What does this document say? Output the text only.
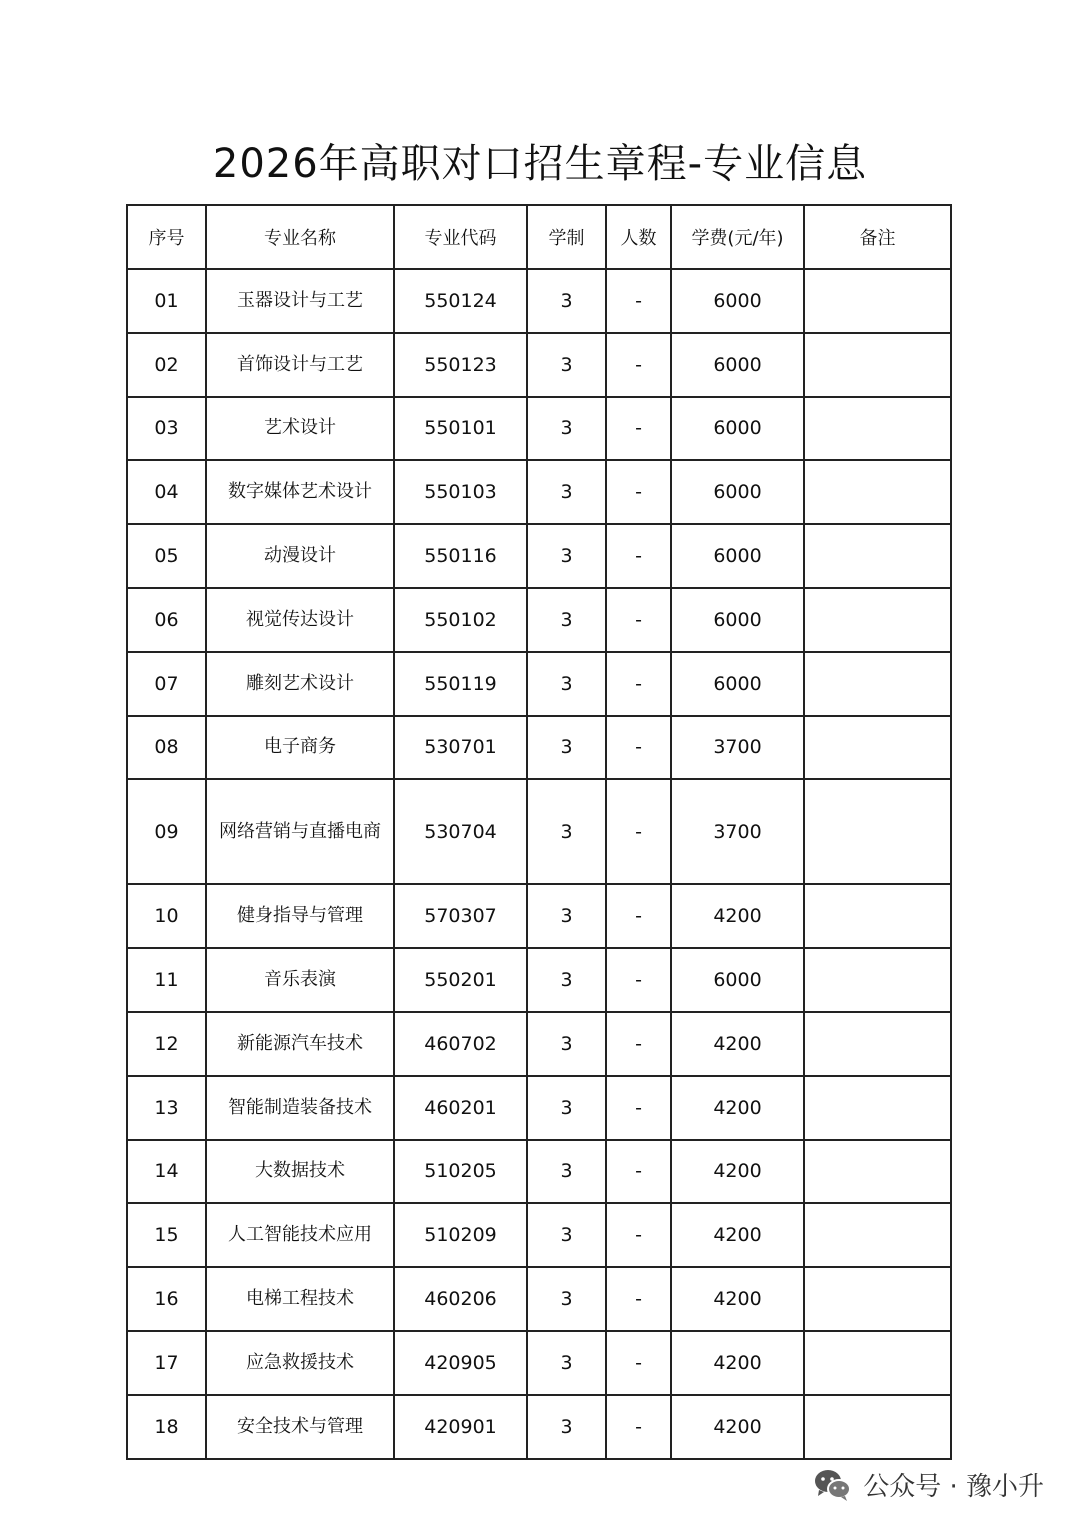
2026年高职对口招生章程-专业信息
序号	专业名称	专业代码	学制	人数	学费(元/年)	备注
01	玉器设计与工艺	550124	3	-	6000	
02	首饰设计与工艺	550123	3	-	6000	
03	艺术设计	550101	3	-	6000	
04	数字媒体艺术设计	550103	3	-	6000	
05	动漫设计	550116	3	-	6000	
06	视觉传达设计	550102	3	-	6000	
07	雕刻艺术设计	550119	3	-	6000	
08	电子商务	530701	3	-	3700	
09	网络营销与直播电商	530704	3	-	3700	
10	健身指导与管理	570307	3	-	4200	
11	音乐表演	550201	3	-	6000	
12	新能源汽车技术	460702	3	-	4200	
13	智能制造装备技术	460201	3	-	4200	
14	大数据技术	510205	3	-	4200	
15	人工智能技术应用	510209	3	-	4200	
16	电梯工程技术	460206	3	-	4200	
17	应急救援技术	420905	3	-	4200	
18	安全技术与管理	420901	3	-	4200	
公众号 · 豫小升
